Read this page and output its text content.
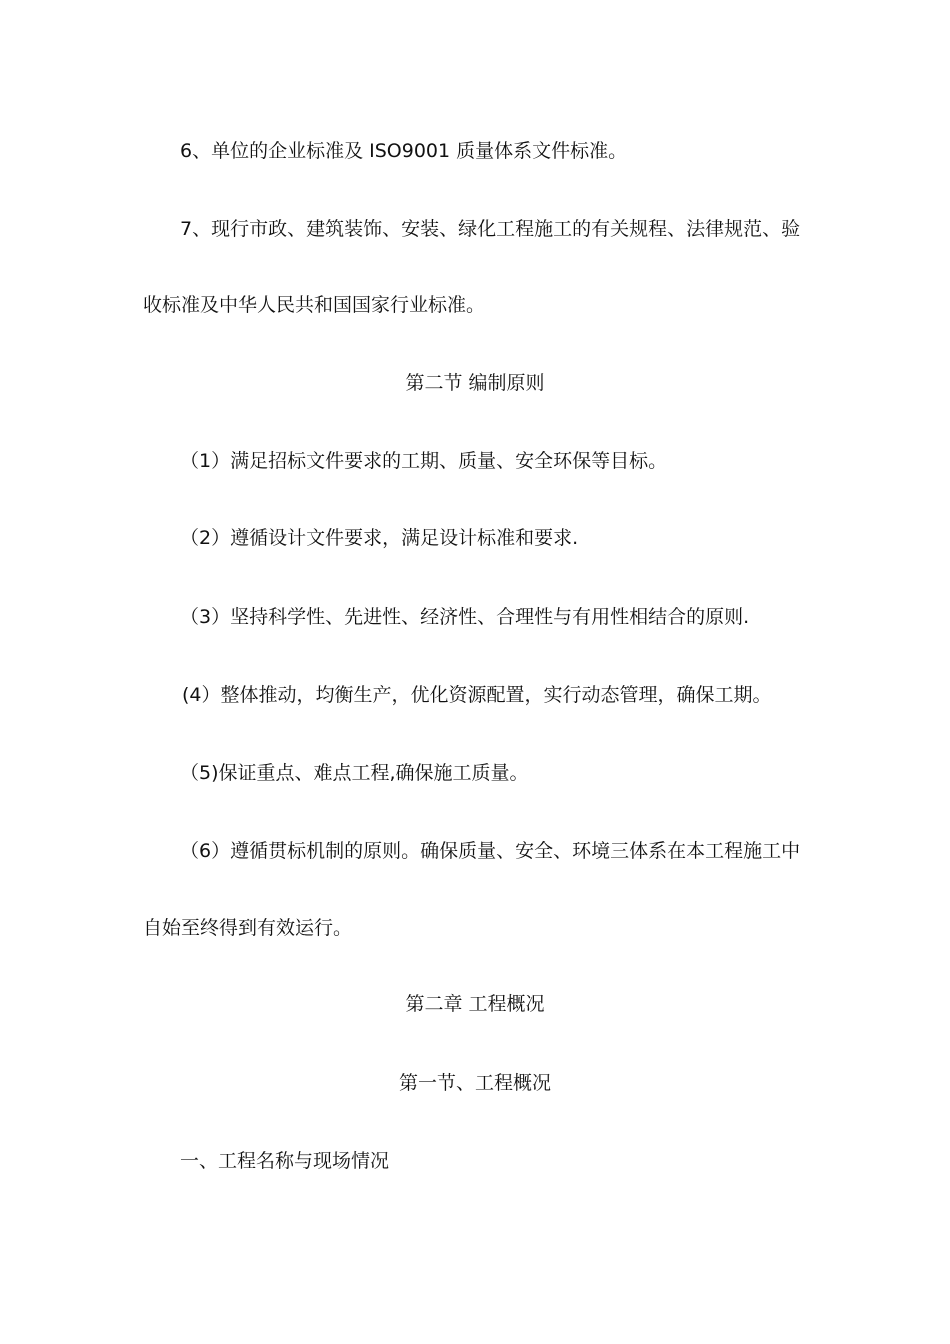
6、单位的企业标准及 ISO9001 质量体系文件标准。
7、现行市政、建筑装饰、安装、绿化工程施工的有关规程、法律规范、验
收标准及中华人民共和国国家行业标准。
第二节 编制原则
（1）满足招标文件要求的工期、质量、安全环保等目标。
（2）遵循设计文件要求，满足设计标准和要求.
（3）坚持科学性、先进性、经济性、合理性与有用性相结合的原则.
(4）整体推动，均衡生产，优化资源配置，实行动态管理，确保工期。
（5)保证重点、难点工程,确保施工质量。
（6）遵循贯标机制的原则。确保质量、安全、环境三体系在本工程施工中
自始至终得到有效运行。
第二章 工程概况
第一节、工程概况
一、工程名称与现场情况
